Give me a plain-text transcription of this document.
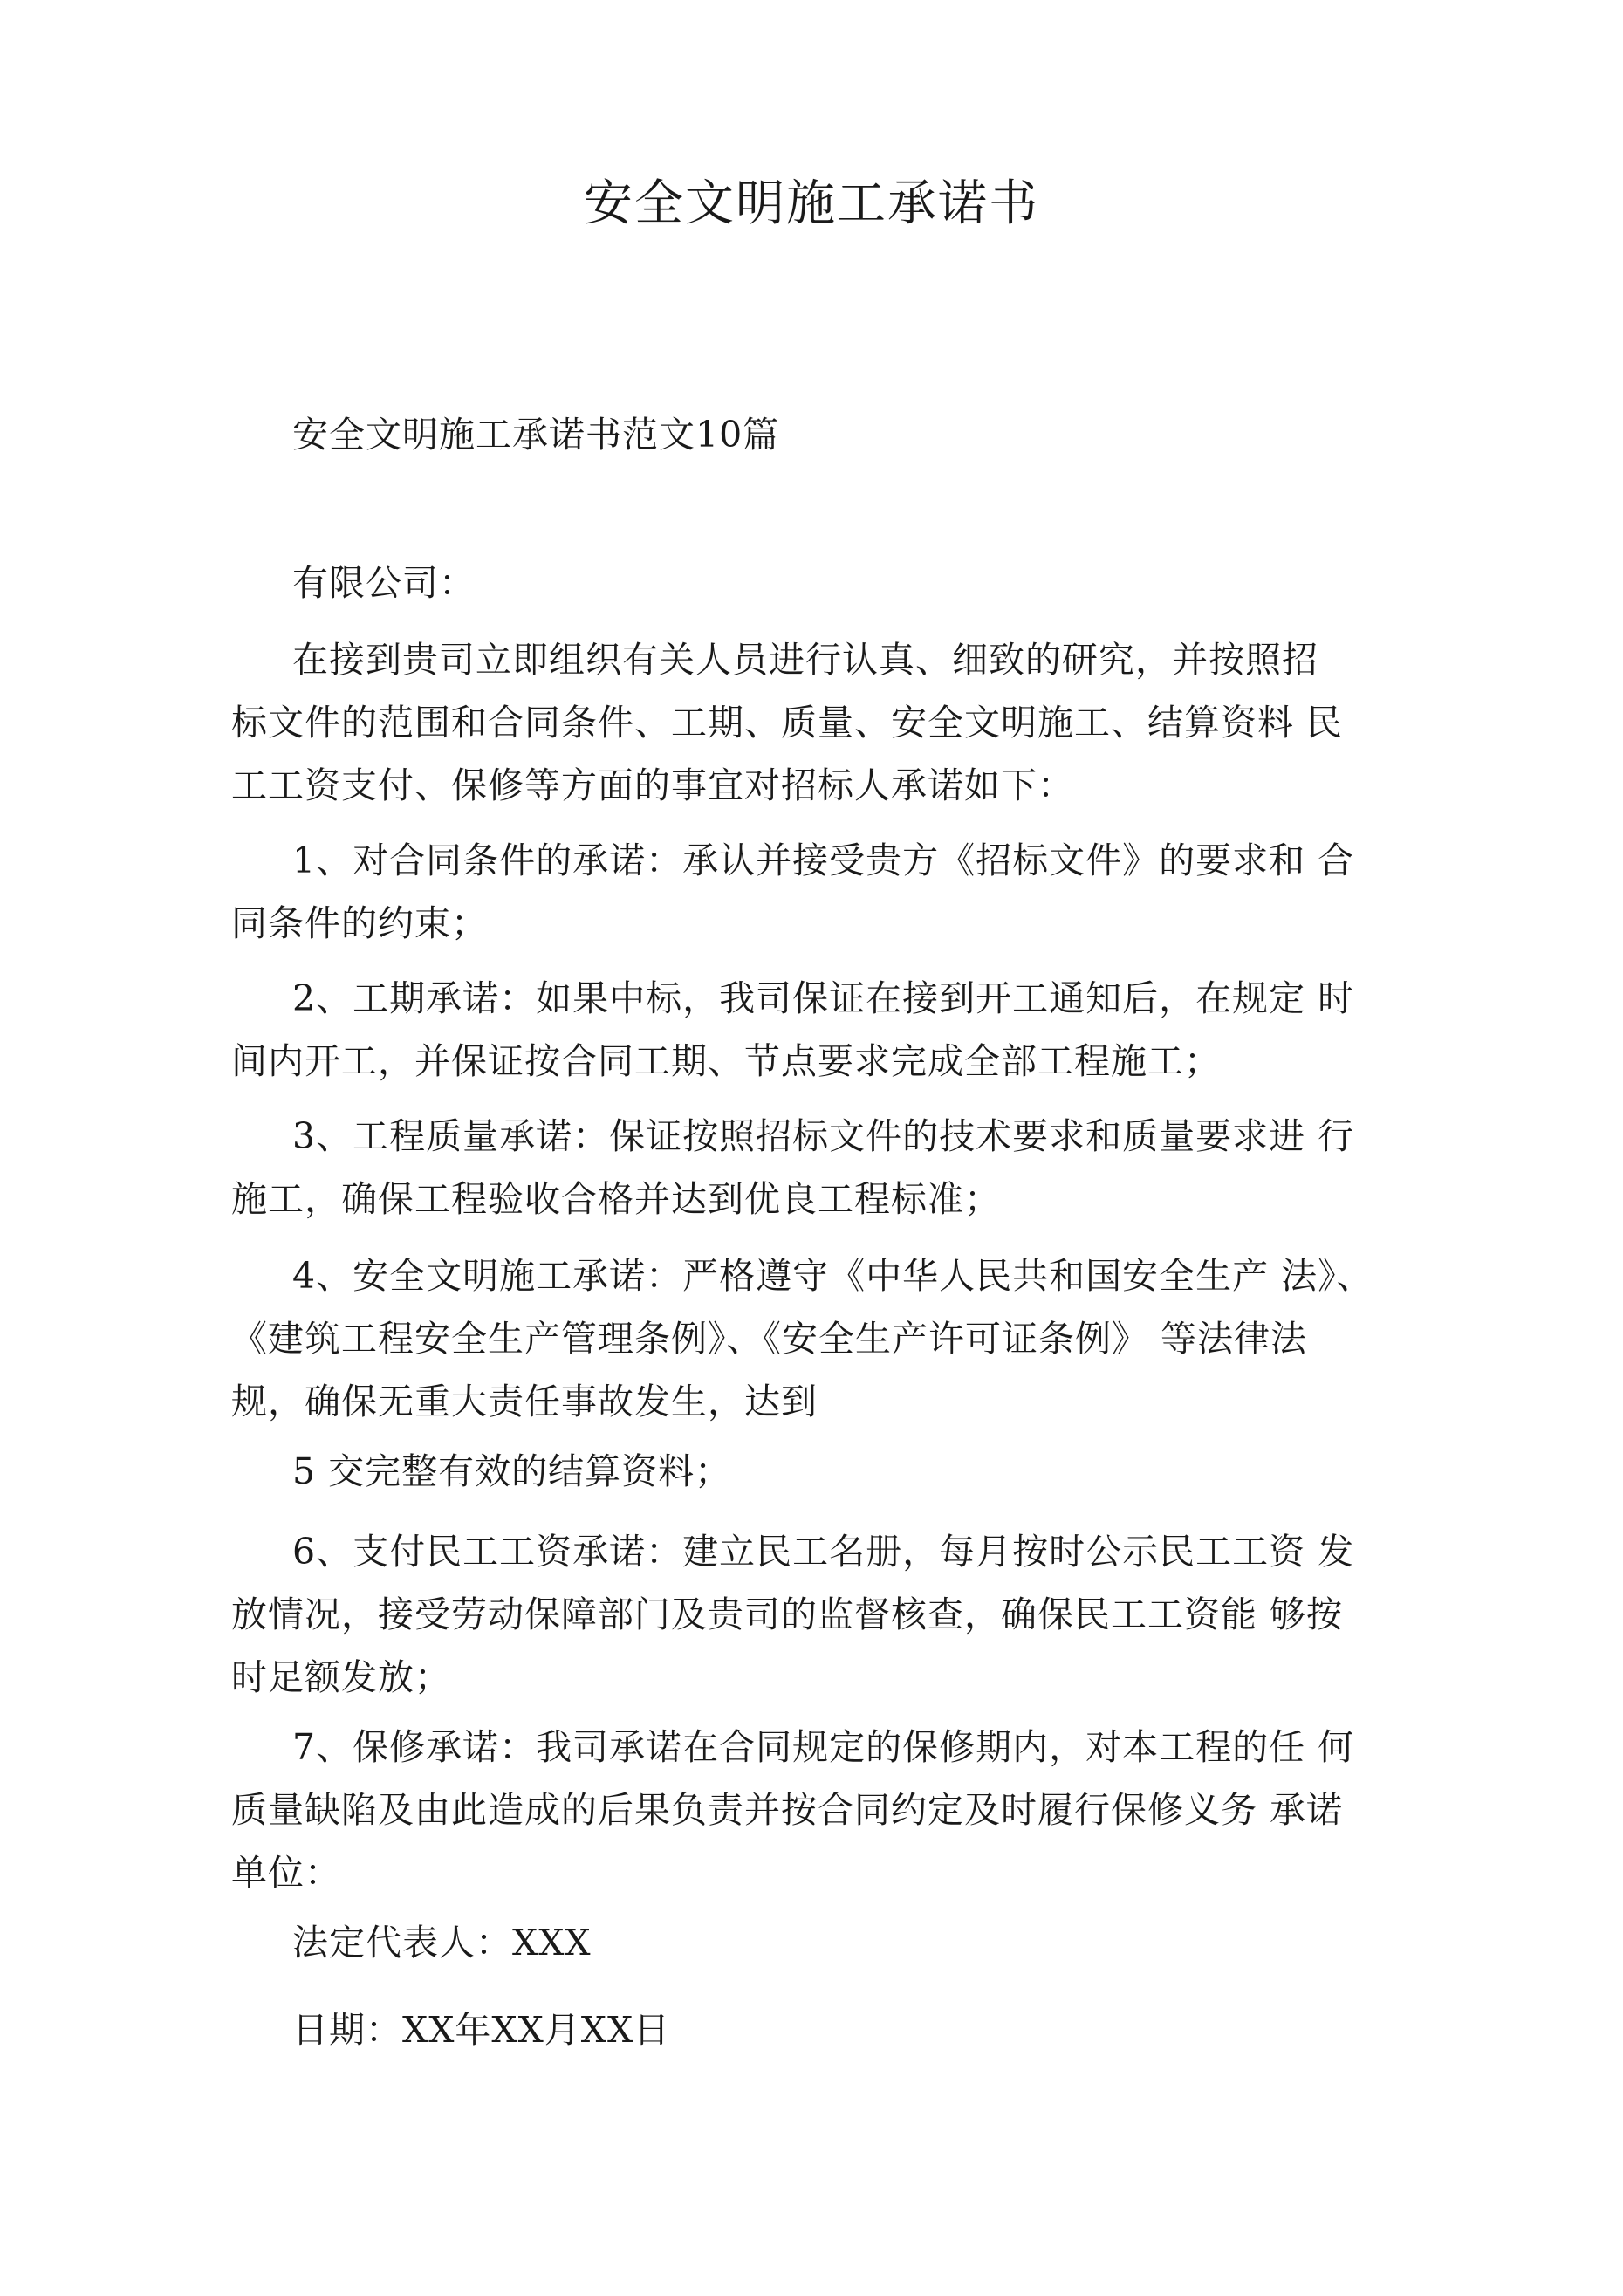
安全文明施工承诺书
安全文明施工承诺书范文10篇
有限公司：
在接到贵司立即组织有关人员进行认真、细致的研究，并按照招
标文件的范围和合同条件、工期、质量、安全文明施工、结算资料 民
工工资支付、保修等方面的事宜对招标人承诺如下：
1、对合同条件的承诺：承认并接受贵方《招标文件》的要求和 合
同条件的约束；
2、工期承诺：如果中标，我司保证在接到开工通知后，在规定 时
间内开工，并保证按合同工期、节点要求完成全部工程施工；
3、工程质量承诺：保证按照招标文件的技术要求和质量要求进 行
施工，确保工程验收合格并达到优良工程标准；
4、安全文明施工承诺：严格遵守《中华人民共和国安全生产 法》、
《建筑工程安全生产管理条例》、《安全生产许可证条例》 等法律法
规，确保无重大责任事故发生，达到
5 交完整有效的结算资料；
6、支付民工工资承诺：建立民工名册，每月按时公示民工工资 发
放情况，接受劳动保障部门及贵司的监督核查，确保民工工资能 够按
时足额发放；
7、保修承诺：我司承诺在合同规定的保修期内，对本工程的任 何
质量缺陷及由此造成的后果负责并按合同约定及时履行保修义务 承诺
单位：
法定代表人：XXX
日期：XX年XX月XX日
